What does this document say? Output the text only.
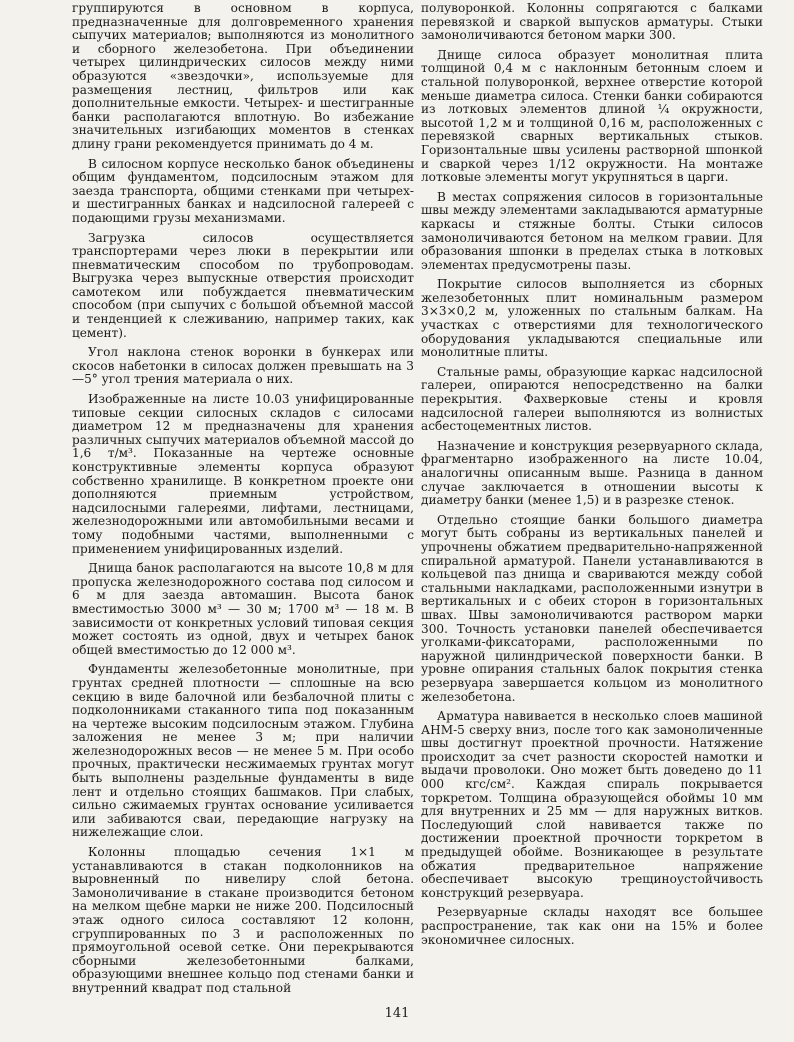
группируются в основном в корпуса, предназначенные для долговременного хранения сыпучих материалов; выполняются из монолитного и сборного железобетона. При объединении четырех цилиндрических силосов между ними образуются «звездочки», используемые для размещения лестниц, фильтров или как дополнительные емкости. Четырех- и шестигранные банки располагаются вплотную. Во избежание значительных изгибающих моментов в стенках длину грани рекомендуется принимать до 4 м.

В силосном корпусе несколько банок объединены общим фундаментом, подсилосным этажом для заезда транспорта, общими стенками при четырех- и шестигранных банках и надсилосной галереей с подающими грузы механизмами.

Загрузка силосов осуществляется транспортерами через люки в перекрытии или пневматическим способом по трубопроводам. Выгрузка через выпускные отверстия происходит самотеком или побуждается пневматическим способом (при сыпучих с большой объемной массой и тенденцией к слеживанию, например таких, как цемент).

Угол наклона стенок воронки в бункерах или скосов набетонки в силосах должен превышать на 3—5° угол трения материала о них.

Изображенные на листе 10.03 унифицированные типовые секции силосных складов с силосами диаметром 12 м предназначены для хранения различных сыпучих материалов объемной массой до 1,6 т/м³. Показанные на чертеже основные конструктивные элементы корпуса образуют собственно хранилище. В конкретном проекте они дополняются приемным устройством, надсилосными галереями, лифтами, лестницами, железнодорожными или автомобильными весами и тому подобными частями, выполненными с применением унифицированных изделий.

Днища банок располагаются на высоте 10,8 м для пропуска железнодорожного состава под силосом и 6 м для заезда автомашин. Высота банок вместимостью 3000 м³ — 30 м; 1700 м³ — 18 м. В зависимости от конкретных условий типовая секция может состоять из одной, двух и четырех банок общей вместимостью до 12 000 м³.

Фундаменты железобетонные монолитные, при грунтах средней плотности — сплошные на всю секцию в виде балочной или безбалочной плиты с подколонниками стаканного типа под показанным на чертеже высоким подсилосным этажом. Глубина заложения не менее 3 м; при наличии железнодорожных весов — не менее 5 м. При особо прочных, практически несжимаемых грунтах могут быть выполнены раздельные фундаменты в виде лент и отдельно стоящих башмаков. При слабых, сильно сжимаемых грунтах основание усиливается или забиваются сваи, передающие нагрузку на нижележащие слои.

Колонны площадью сечения 1×1 м устанавливаются в стакан подколонников на выровненный по нивелиру слой бетона. Замоноличивание в стакане производится бетоном на мелком щебне марки не ниже 200. Подсилосный этаж одного силоса составляют 12 колонн, сгруппированных по 3 и расположенных по прямоугольной осевой сетке. Они перекрываются сборными железобетонными балками, образующими внешнее кольцо под стенами банки и внутренний квадрат под стальной

полуворонкой. Колонны сопрягаются с балками перевязкой и сваркой выпусков арматуры. Стыки замоноличиваются бетоном марки 300.

Днище силоса образует монолитная плита толщиной 0,4 м с наклонным бетонным слоем и стальной полуворонкой, верхнее отверстие которой меньше диаметра силоса. Стенки банки собираются из лотковых элементов длиной ¼ окружности, высотой 1,2 м и толщиной 0,16 м, расположенных с перевязкой сварных вертикальных стыков. Горизонтальные швы усилены растворной шпонкой и сваркой через 1/12 окружности. На монтаже лотковые элементы могут укрупняться в царги.

В местах сопряжения силосов в горизонтальные швы между элементами закладываются арматурные каркасы и стяжные болты. Стыки силосов замоноличиваются бетоном на мелком гравии. Для образования шпонки в пределах стыка в лотковых элементах предусмотрены пазы.

Покрытие силосов выполняется из сборных железобетонных плит номинальным размером 3×3×0,2 м, уложенных по стальным балкам. На участках с отверстиями для технологического оборудования укладываются специальные или монолитные плиты.

Стальные рамы, образующие каркас надсилосной галереи, опираются непосредственно на балки перекрытия. Фахверковые стены и кровля надсилосной галереи выполняются из волнистых асбестоцементных листов.

Назначение и конструкция резервуарного склада, фрагментарно изображенного на листе 10.04, аналогичны описанным выше. Разница в данном случае заключается в отношении высоты к диаметру банки (менее 1,5) и в разрезке стенок.

Отдельно стоящие банки большого диаметра могут быть собраны из вертикальных панелей и упрочнены обжатием предварительно-напряженной спиральной арматурой. Панели устанавливаются в кольцевой паз днища и свариваются между собой стальными накладками, расположенными изнутри в вертикальных и с обеих сторон в горизонтальных швах. Швы замоноличиваются раствором марки 300. Точность установки панелей обеспечивается уголками-фиксаторами, расположенными по наружной цилиндрической поверхности банки. В уровне опирания стальных балок покрытия стенка резервуара завершается кольцом из монолитного железобетона.

Арматура навивается в несколько слоев машиной АНМ-5 сверху вниз, после того как замоноличенные швы достигнут проектной прочности. Натяжение происходит за счет разности скоростей намотки и выдачи проволоки. Оно может быть доведено до 11 000 кгс/см². Каждая спираль покрывается торкретом. Толщина образующейся обоймы 10 мм для внутренних и 25 мм — для наружных витков. Последующий слой навивается также по достижении проектной прочности торкретом в предыдущей обойме. Возникающее в результате обжатия предварительное напряжение обеспечивает высокую трещиноустойчивость конструкций резервуара.

Резервуарные склады находят все большее распространение, так как они на 15% и более экономичнее силосных.

141
